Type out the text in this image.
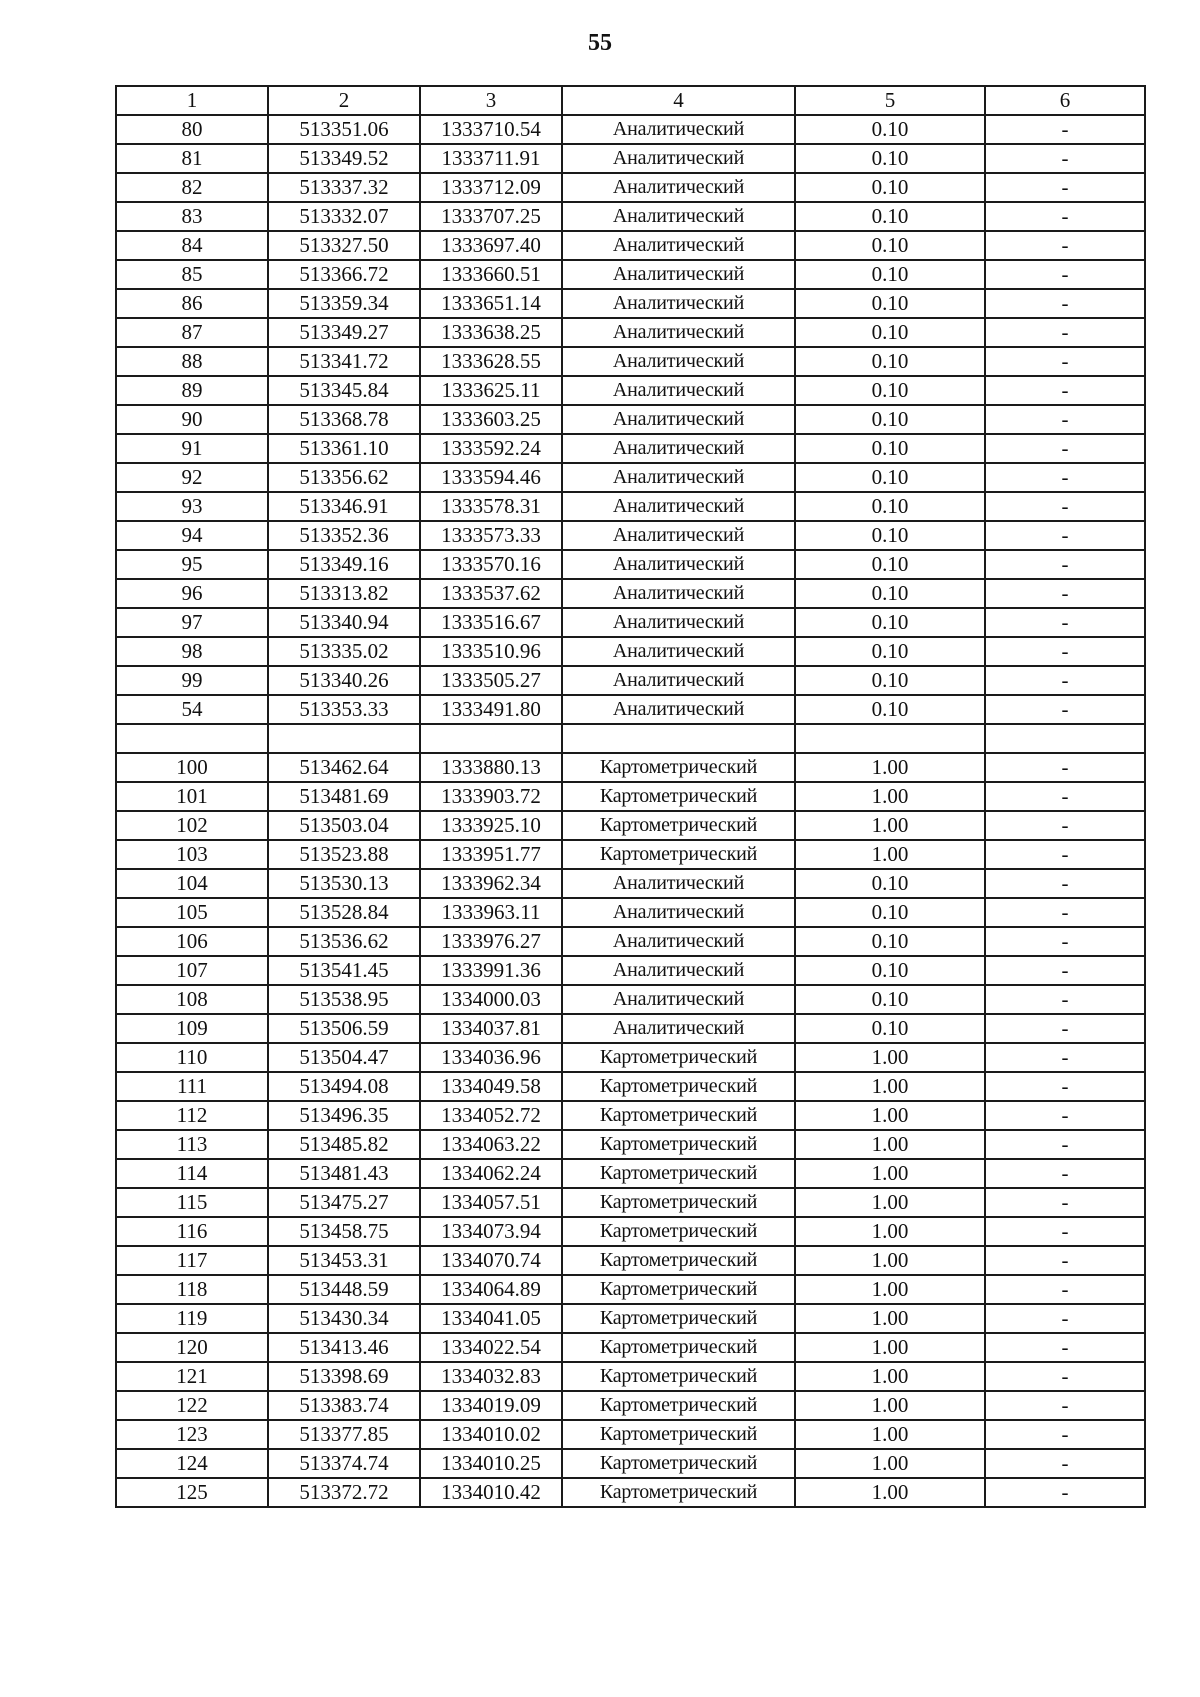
55
1	2	3	4	5	6
80	513351.06	1333710.54	Аналитический	0.10	-
81	513349.52	1333711.91	Аналитический	0.10	-
82	513337.32	1333712.09	Аналитический	0.10	-
83	513332.07	1333707.25	Аналитический	0.10	-
84	513327.50	1333697.40	Аналитический	0.10	-
85	513366.72	1333660.51	Аналитический	0.10	-
86	513359.34	1333651.14	Аналитический	0.10	-
87	513349.27	1333638.25	Аналитический	0.10	-
88	513341.72	1333628.55	Аналитический	0.10	-
89	513345.84	1333625.11	Аналитический	0.10	-
90	513368.78	1333603.25	Аналитический	0.10	-
91	513361.10	1333592.24	Аналитический	0.10	-
92	513356.62	1333594.46	Аналитический	0.10	-
93	513346.91	1333578.31	Аналитический	0.10	-
94	513352.36	1333573.33	Аналитический	0.10	-
95	513349.16	1333570.16	Аналитический	0.10	-
96	513313.82	1333537.62	Аналитический	0.10	-
97	513340.94	1333516.67	Аналитический	0.10	-
98	513335.02	1333510.96	Аналитический	0.10	-
99	513340.26	1333505.27	Аналитический	0.10	-
54	513353.33	1333491.80	Аналитический	0.10	-

100	513462.64	1333880.13	Картометрический	1.00	-
101	513481.69	1333903.72	Картометрический	1.00	-
102	513503.04	1333925.10	Картометрический	1.00	-
103	513523.88	1333951.77	Картометрический	1.00	-
104	513530.13	1333962.34	Аналитический	0.10	-
105	513528.84	1333963.11	Аналитический	0.10	-
106	513536.62	1333976.27	Аналитический	0.10	-
107	513541.45	1333991.36	Аналитический	0.10	-
108	513538.95	1334000.03	Аналитический	0.10	-
109	513506.59	1334037.81	Аналитический	0.10	-
110	513504.47	1334036.96	Картометрический	1.00	-
111	513494.08	1334049.58	Картометрический	1.00	-
112	513496.35	1334052.72	Картометрический	1.00	-
113	513485.82	1334063.22	Картометрический	1.00	-
114	513481.43	1334062.24	Картометрический	1.00	-
115	513475.27	1334057.51	Картометрический	1.00	-
116	513458.75	1334073.94	Картометрический	1.00	-
117	513453.31	1334070.74	Картометрический	1.00	-
118	513448.59	1334064.89	Картометрический	1.00	-
119	513430.34	1334041.05	Картометрический	1.00	-
120	513413.46	1334022.54	Картометрический	1.00	-
121	513398.69	1334032.83	Картометрический	1.00	-
122	513383.74	1334019.09	Картометрический	1.00	-
123	513377.85	1334010.02	Картометрический	1.00	-
124	513374.74	1334010.25	Картометрический	1.00	-
125	513372.72	1334010.42	Картометрический	1.00	-
